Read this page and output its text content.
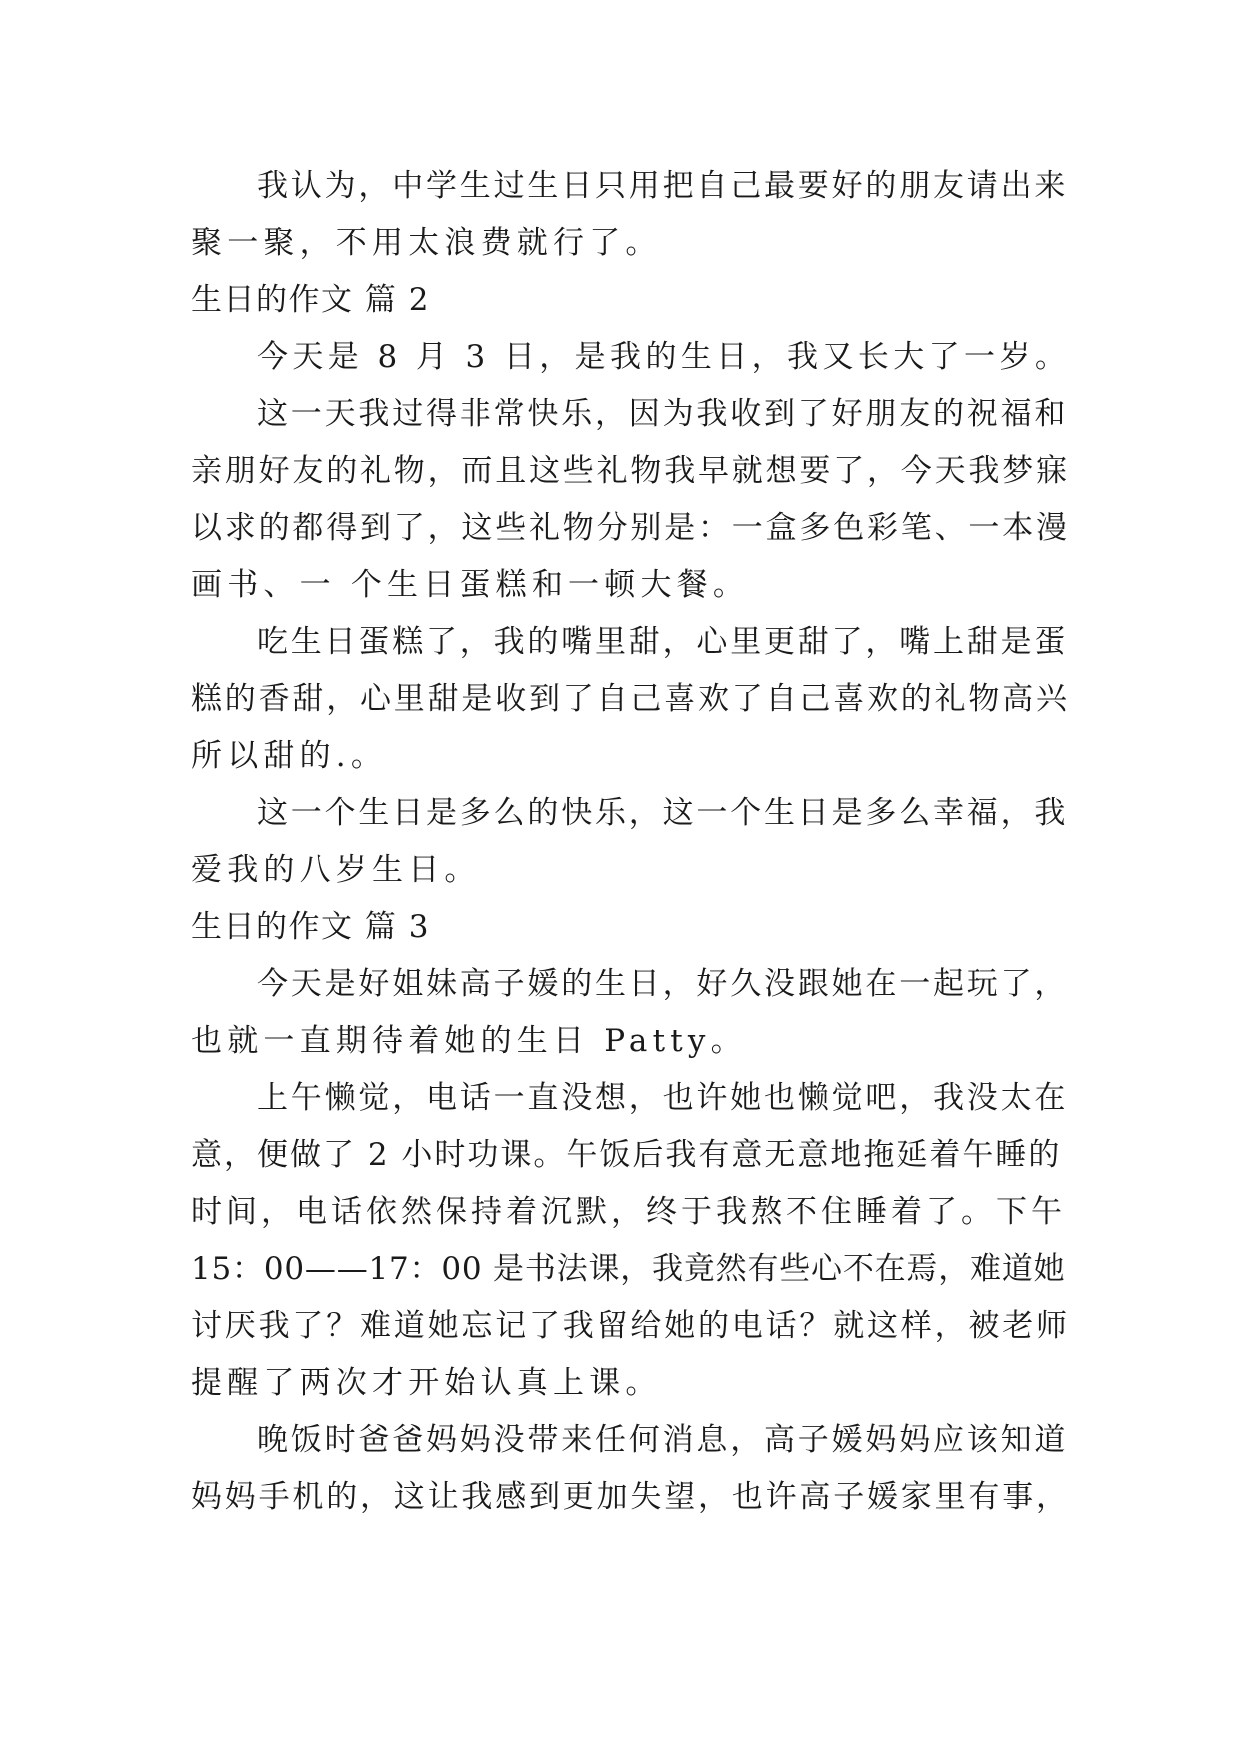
我认为，中学生过生日只用把自己最要好的朋友请出来
聚一聚，不用太浪费就行了。
生日的作文 篇 2
今天是 8 月 3 日，是我的生日，我又长大了一岁。
这一天我过得非常快乐，因为我收到了好朋友的祝福和
亲朋好友的礼物，而且这些礼物我早就想要了，今天我梦寐
以求的都得到了，这些礼物分别是：一盒多色彩笔、一本漫
画书、一 个生日蛋糕和一顿大餐。
吃生日蛋糕了，我的嘴里甜，心里更甜了，嘴上甜是蛋
糕的香甜，心里甜是收到了自己喜欢了自己喜欢的礼物高兴
所以甜的.。
这一个生日是多么的快乐，这一个生日是多么幸福，我
爱我的八岁生日。
生日的作文 篇 3
今天是好姐妹高子媛的生日，好久没跟她在一起玩了，
也就一直期待着她的生日 Patty。
上午懒觉，电话一直没想，也许她也懒觉吧，我没太在
意，便做了 2 小时功课。午饭后我有意无意地拖延着午睡的
时间，电话依然保持着沉默，终于我熬不住睡着了。下午
15：00——17：00 是书法课，我竟然有些心不在焉，难道她
讨厌我了？难道她忘记了我留给她的电话？就这样，被老师
提醒了两次才开始认真上课。
晚饭时爸爸妈妈没带来任何消息，高子媛妈妈应该知道
妈妈手机的，这让我感到更加失望，也许高子媛家里有事，
